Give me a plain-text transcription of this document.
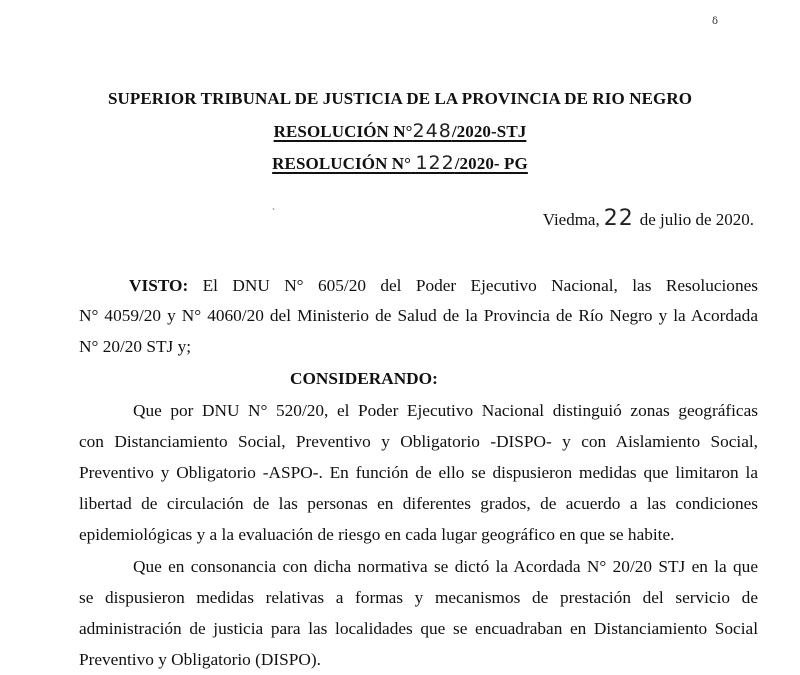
ẟ
`
SUPERIOR TRIBUNAL DE JUSTICIA DE LA PROVINCIA DE RIO NEGRO
RESOLUCIÓN N°248/2020-STJ
RESOLUCIÓN N° 122/2020- PG
Viedma, 22 de julio de 2020.
VISTO: El DNU N° 605/20 del Poder Ejecutivo Nacional, las Resoluciones
N° 4059/20 y N° 4060/20 del Ministerio de Salud de la Provincia de Río Negro y la Acordada
N° 20/20 STJ y;
CONSIDERANDO:
Que por DNU N° 520/20, el Poder Ejecutivo Nacional distinguió zonas geográficas
con Distanciamiento Social, Preventivo y Obligatorio -DISPO- y con Aislamiento Social,
Preventivo y Obligatorio -ASPO-. En función de ello se dispusieron medidas que limitaron la
libertad de circulación de las personas en diferentes grados, de acuerdo a las condiciones
epidemiológicas y a la evaluación de riesgo en cada lugar geográfico en que se habite.
Que en consonancia con dicha normativa se dictó la Acordada N° 20/20 STJ en la que
se dispusieron medidas relativas a formas y mecanismos de prestación del servicio de
administración de justicia para las localidades que se encuadraban en Distanciamiento Social
Preventivo y Obligatorio (DISPO).
